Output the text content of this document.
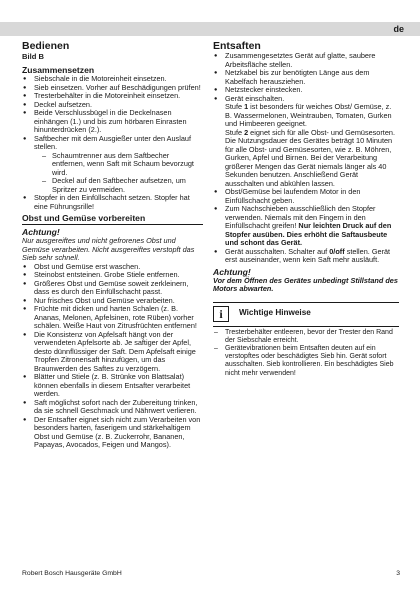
de
Bedienen
Bild B
Zusammensetzen
● Siebschale in die Motoreinheit einsetzen.
● Sieb einsetzen. Vorher auf Beschädigungen prüfen!
● Tresterbehälter in die Motoreinheit einsetzen.
● Deckel aufsetzen.
● Beide Verschlussbügel in die Deckelnasen einhängen (1.) und bis zum hörbaren Einrasten hinunterdrücken (2.).
● Saftbecher mit dem Ausgießer unter den Auslauf stellen.
– Schaumtrenner aus dem Saftbecher entfernen, wenn Saft mit Schaum bevorzugt wird.
– Deckel auf den Saftbecher aufsetzen, um Spritzer zu vermeiden.
● Stopfer in den Einfüllschacht setzen. Stopfer hat eine Führungsrille!
Obst und Gemüse vorbereiten
Achtung!
Nur ausgereiftes und nicht gefrorenes Obst und Gemüse verarbeiten. Nicht ausgereiftes verstopft das Sieb sehr schnell.
● Obst und Gemüse erst waschen.
● Steinobst entsteinen. Grobe Stiele entfernen.
● Größeres Obst und Gemüse soweit zerkleinern, dass es durch den Einfüllschacht passt.
● Nur frisches Obst und Gemüse verarbeiten.
● Früchte mit dicken und harten Schalen (z. B. Ananas, Melonen, Apfelsinen, rote Rüben) vorher schälen. Weiße Haut von Zitrusfrüchten entfernen!
● Die Konsistenz von Apfelsaft hängt von der verwendeten Apfelsorte ab. Je saftiger der Apfel, desto dünnflüssiger der Saft. Dem Apfelsaft einige Tropfen Zitronensaft hinzufügen, um das Braunwerden des Saftes zu verzögern.
● Blätter und Stiele (z. B. Strünke von Blattsalat) können ebenfalls in diesem Entsafter verarbeitet werden.
● Saft möglichst sofort nach der Zubereitung trinken, da sie schnell Geschmack und Nährwert verlieren.
● Der Entsafter eignet sich nicht zum Verarbeiten von besonders harten, faserigem und stärkehaltigem Obst und Gemüse (z. B. Zuckerrohr, Bananen, Papayas, Avocados, Feigen und Mangos).
Entsaften
● Zusammengesetztes Gerät auf glatte, saubere Arbeitsfläche stellen.
● Netzkabel bis zur benötigten Länge aus dem Kabelfach herausziehen.
● Netzstecker einstecken.
● Gerät einschalten.
Stufe 1 ist besonders für weiches Obst/ Gemüse, z. B. Wassermelonen, Weintrauben, Tomaten, Gurken und Himbeeren geeignet.
Stufe 2 eignet sich für alle Obst- und Gemüsesorten.
Die Nutzungsdauer des Gerätes beträgt 10 Minuten für alle Obst- und Gemüsesorten, wie z. B. Möhren, Gurken, Apfel und Birnen. Bei der Verarbeitung größerer Mengen das Gerät niemals länger als 40 Sekunden benutzen. Anschließend Gerät ausschalten und abkühlen lassen.
● Obst/Gemüse bei laufendem Motor in den Einfüllschacht geben.
● Zum Nachschieben ausschließlich den Stopfer verwenden. Niemals mit den Fingern in den Einfüllschacht greifen! Nur leichten Druck auf den Stopfer ausüben. Dies erhöht die Saftausbeute und schont das Gerät.
● Gerät ausschalten. Schalter auf 0/off stellen. Gerät erst auseinander, wenn kein Saft mehr ausläuft.
Achtung!
Vor dem Öffnen des Gerätes unbedingt Stillstand des Motors abwarten.
i	Wichtige Hinweise
– Tresterbehälter entleeren, bevor der Trester den Rand der Siebschale erreicht.
– Gerätevibrationen beim Entsaften deuten auf ein verstopftes oder beschädigtes Sieb hin. Gerät sofort ausschalten. Sieb kontrollieren. Ein beschädigtes Sieb nicht mehr verwenden!
Robert Bosch Hausgeräte GmbH	3
